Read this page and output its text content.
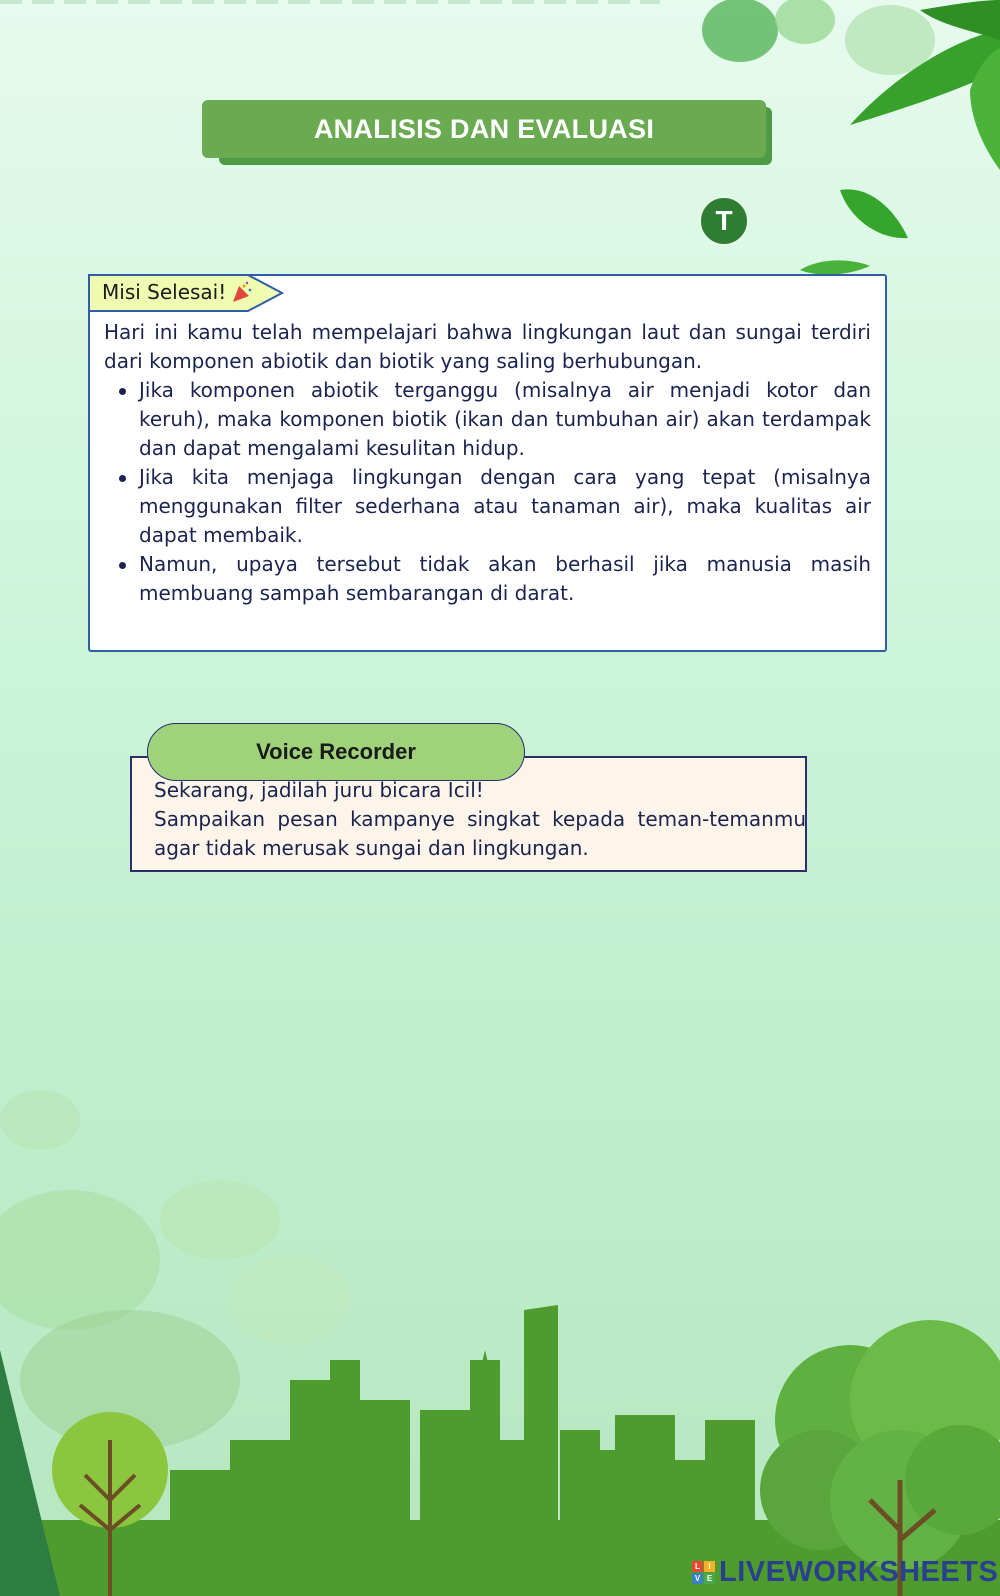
ANALISIS DAN EVALUASI
T
Misi Selesai!

Hari ini kamu telah mempelajari bahwa lingkungan laut dan sungai terdiri dari komponen abiotik dan biotik yang saling berhubungan.

Jika komponen abiotik terganggu (misalnya air menjadi kotor dan keruh), maka komponen biotik (ikan dan tumbuhan air) akan terdampak dan dapat mengalami kesulitan hidup.
Jika kita menjaga lingkungan dengan cara yang tepat (misalnya menggunakan filter sederhana atau tanaman air), maka kualitas air dapat membaik.
Namun, upaya tersebut tidak akan berhasil jika manusia masih membuang sampah sembarangan di darat.
Voice Recorder

Sekarang, jadilah juru bicara Icil!

Sampaikan pesan kampanye singkat kepada teman-temanmu agar tidak merusak sungai dan lingkungan.

L	I
V E LIVEWORKSHEETS
